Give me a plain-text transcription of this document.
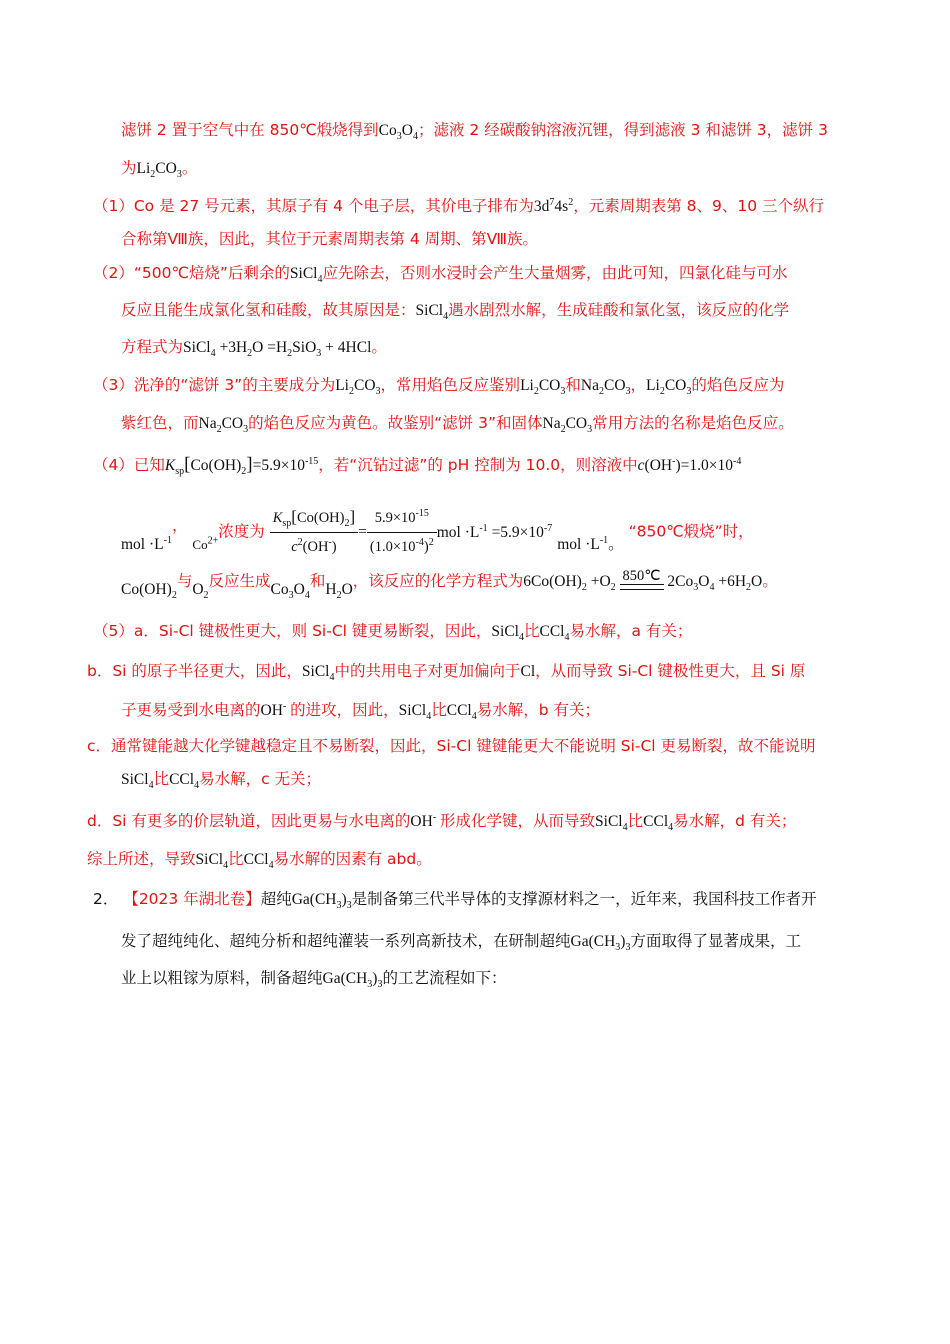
滤饼 2 置于空气中在 850℃煅烧得到$Co_3O_4$；滤液 2 经碳酸钠溶液沉锂，得到滤液 3 和滤饼 3，滤饼 3
为$Li_2CO_3$。
（1）Co 是 27 号元素，其原子有 4 个电子层，其价电子排布为$3d^74s^2$，元素周期表第 8、9、10 三个纵行
合称第Ⅷ族，因此，其位于元素周期表第 4 周期、第Ⅷ族。
（2）“500℃焙烧”后剩余的SiCl$_4$应先除去，否则水浸时会产生大量烟雾，由此可知，四氯化硅与可水
反应且能生成氯化氢和硅酸，故其原因是：SiCl$_4$遇水剧烈水解，生成硅酸和氯化氢，该反应的化学
方程式为SiCl$_4$ $+3H_2O =H_2SiO_3 + 4HCl$。
（3）洗净的“滤饼 3”的主要成分为$Li_2CO_3$，常用焰色反应鉴别$Li_2CO_3$和$Na_2CO_3$，$Li_2CO_3$的焰色反应为
紫红色，而$Na_2CO_3$的焰色反应为黄色。故鉴别“滤饼 3”和固体$Na_2CO_3$常用方法的名称是焰色反应。
（4）已知$K_{sp}[Co(OH)_2]=5.9\times 10^{-15}$，若“沉钴过滤”的 pH 控制为 10.0，则溶液中$c(OH^-)=1.0\times 10^{-4}$
mol $\cdot L^{-1}$， $_{Co^{2+}}$浓度为 $\frac{K_{sp}[Co(OH)_2]}{c^2(OH^-)} = \frac{5.9\times 10^{-15}}{(1.0\times 10^{-4})^2}$ mol $\cdot L^{-1} =5.9\times 10^{-7}$ mol $\cdot L^{-1}$。 “850℃煅烧”时，
$Co(OH)_2$与$O_2$反应生成$Co_3O_4$和$H_2O$，该反应的化学方程式为$6Co(OH)_2 +O_2$
850℃ $2Co_3O_4 +6H_2O$。
（5）a．Si-Cl 键极性更大，则 Si-Cl 键更易断裂，因此，SiCl$_4$比CCl$_4$易水解，a 有关；
b．Si 的原子半径更大，因此，SiCl$_4$中的共用电子对更加偏向于Cl，从而导致 Si-Cl 键极性更大，且 Si 原
子更易受到水电离的OH- 的进攻，因此，SiCl$_4$比CCl$_4$易水解，b 有关；
c．通常键能越大化学键越稳定且不易断裂，因此，Si-Cl 键键能更大不能说明 Si-Cl 更易断裂，故不能说明
SiCl$_4$比CCl$_4$易水解，c 无关；
d．Si 有更多的价层轨道，因此更易与水电离的OH- 形成化学键，从而导致SiCl$_4$比CCl$_4$易水解，d 有关；
综上所述，导致SiCl$_4$比CCl$_4$易水解的因素有 abd。
2． 【2023 年湖北卷】超纯$Ga(CH_3)_3$是制备第三代半导体的支撑源材料之一，近年来，我国科技工作者开
发了超纯纯化、超纯分析和超纯灌装一系列高新技术，在研制超纯$Ga(CH_3)_3$方面取得了显著成果，工
业上以粗镓为原料，制备超纯$Ga(CH_3)_3$的工艺流程如下：
